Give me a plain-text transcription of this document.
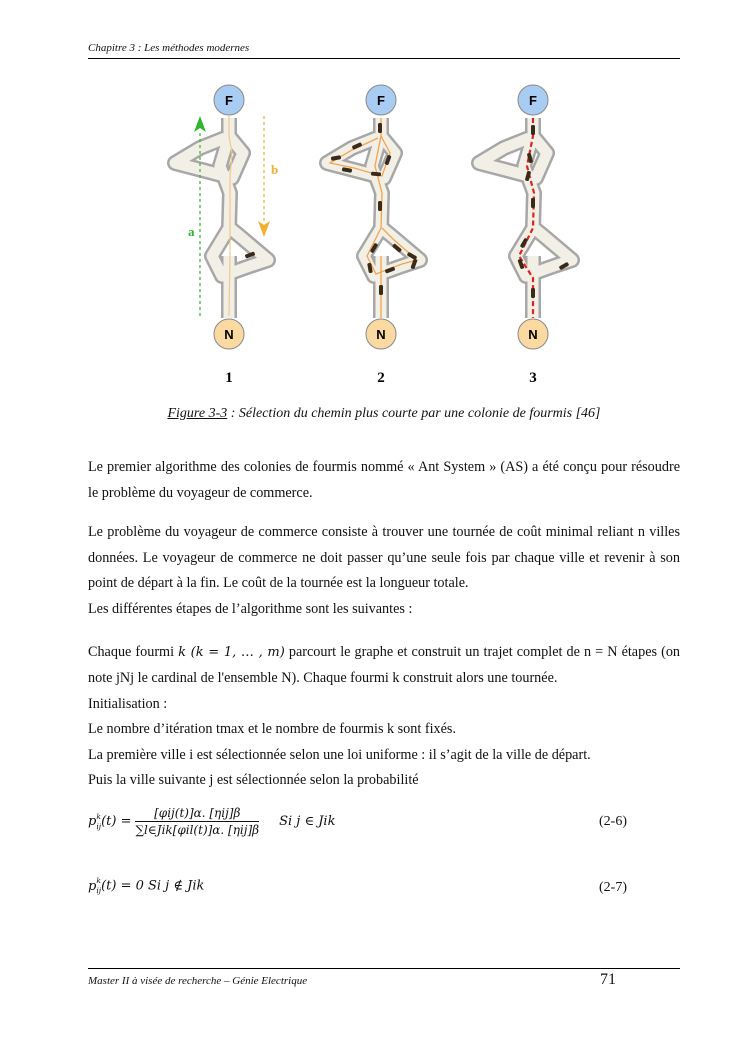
Chapitre 3 : Les méthodes modernes
a
b
F
N
1
F
N
2
F
N
3
Figure 3-3 : Sélection du chemin plus courte par une colonie de fourmis [46]

Le premier algorithme des colonies de fourmis nommé « Ant System » (AS) a été conçu pour résoudre le problème du voyageur de commerce.

Le problème du voyageur de commerce consiste à trouver une tournée de coût minimal reliant n villes données. Le voyageur de commerce ne doit passer qu’une seule fois par chaque ville et revenir à son point de départ à la fin. Le coût de la tournée est la longueur totale.

Les différentes étapes de l’algorithme sont les suivantes :

Chaque fourmi k (k = 1, … , m) parcourt le graphe et construit un trajet complet de n = N étapes (on note jNj le cardinal de l'ensemble N). Chaque fourmi k construit alors une tournée.

Initialisation :

Le nombre d’itération tmax et le nombre de fourmis k sont fixés.

La première ville i est sélectionnée selon une loi uniforme : il s’agit de la ville de départ.

Puis la ville suivante j est sélectionnée selon la probabilité

p k
ij $(t) = \frac{\text{[φij(t)]α. [ηij]β}}{\text{∑l∈Jik[φil(t)]α. [ηij]β}}$ Si j ∈ Jik	(2-6)
p k
ij (t) = 0 Si j ∉ Jik	(2-7)
Master II à visée de recherche – Génie Electrique	71
